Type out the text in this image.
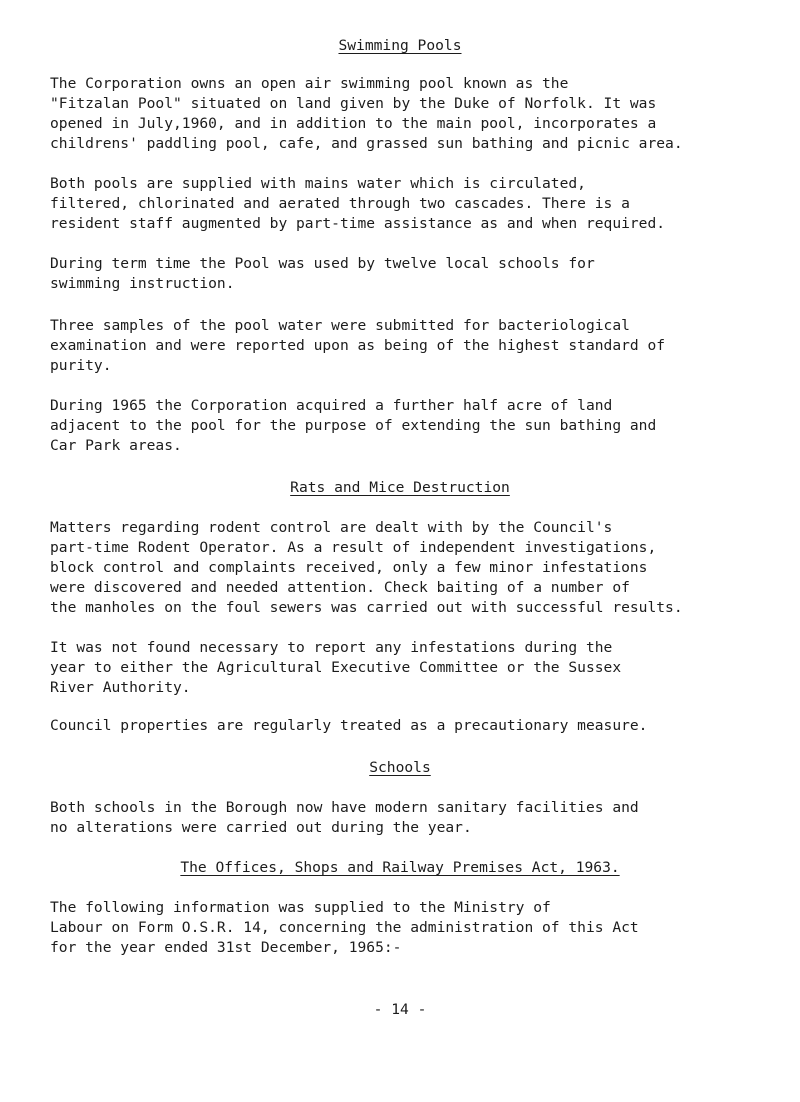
Swimming Pools
The Corporation owns an open air swimming pool known as the
"Fitzalan Pool" situated on land given by the Duke of Norfolk. It was
opened in July,1960, and in addition to the main pool, incorporates a
childrens' paddling pool, cafe, and grassed sun bathing and picnic area.
Both pools are supplied with mains water which is circulated,
filtered, chlorinated and aerated through two cascades. There is a
resident staff augmented by part-time assistance as and when required.
During term time the Pool was used by twelve local schools for
swimming instruction.
Three samples of the pool water were submitted for bacteriological
examination and were reported upon as being of the highest standard of
purity.
During 1965 the Corporation acquired a further half acre of land
adjacent to the pool for the purpose of extending the sun bathing and
Car Park areas.
Rats and Mice Destruction
Matters regarding rodent control are dealt with by the Council's
part-time Rodent Operator. As a result of independent investigations,
block control and complaints received, only a few minor infestations
were discovered and needed attention. Check baiting of a number of
the manholes on the foul sewers was carried out with successful results.
It was not found necessary to report any infestations during the
year to either the Agricultural Executive Committee or the Sussex
River Authority.
Council properties are regularly treated as a precautionary measure.
Schools
Both schools in the Borough now have modern sanitary facilities and
no alterations were carried out during the year.
The Offices, Shops and Railway Premises Act, 1963.
The following information was supplied to the Ministry of
Labour on Form O.S.R. 14, concerning the administration of this Act
for the year ended 31st December, 1965:-
- 14 -
